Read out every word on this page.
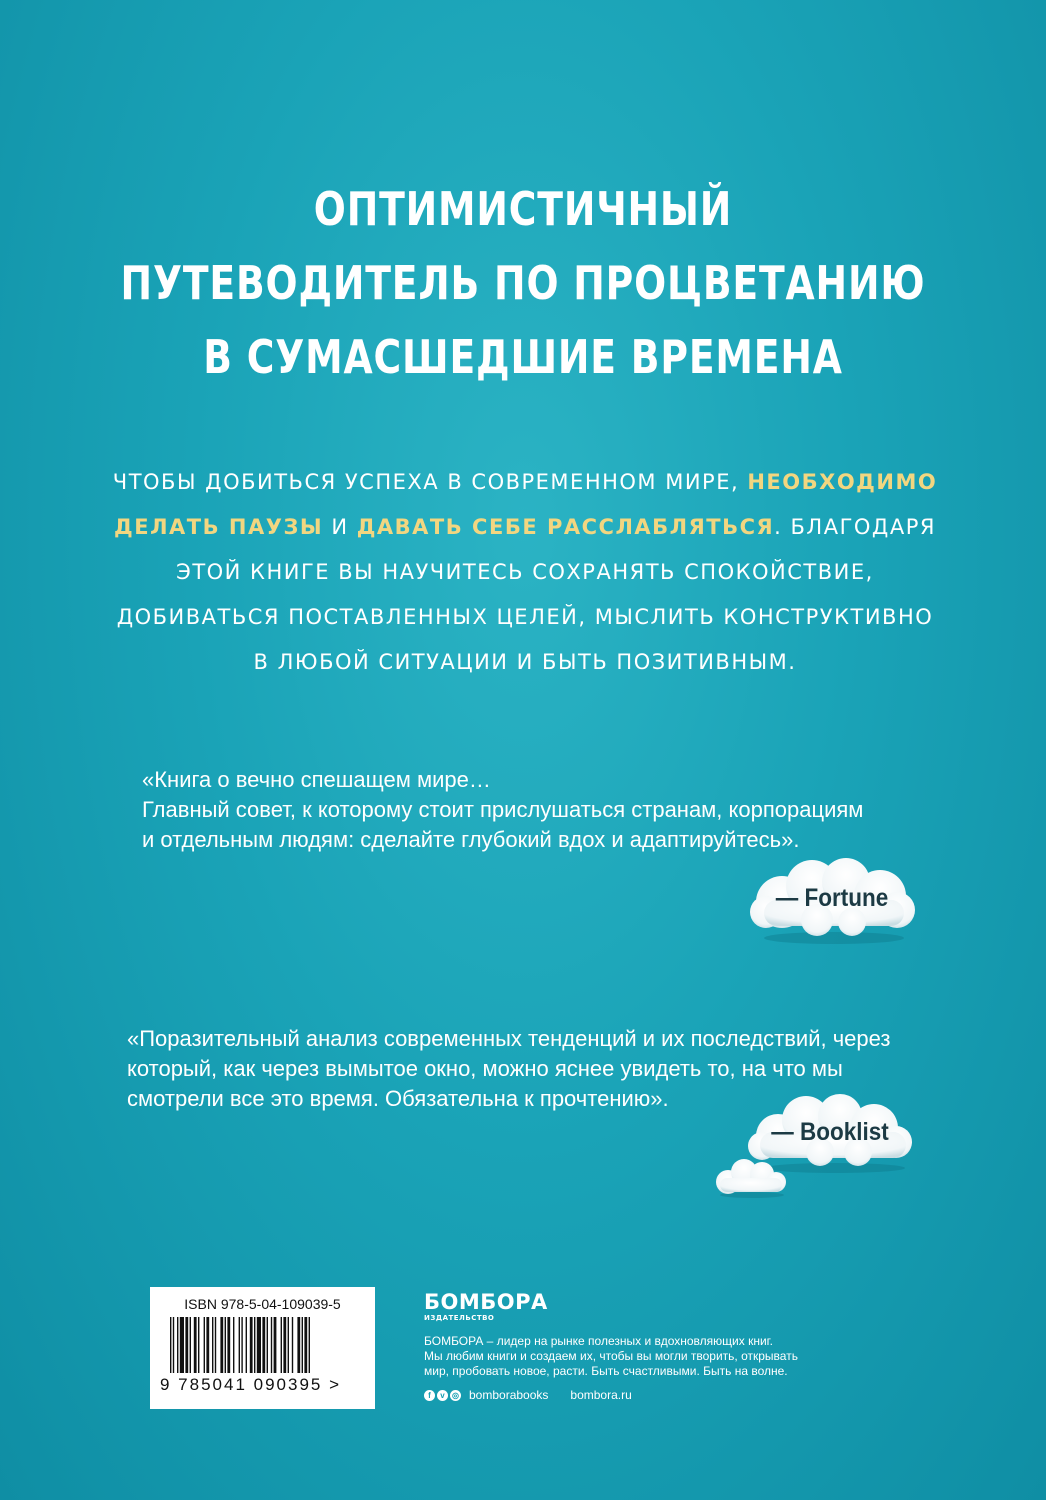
ОПТИМИСТИЧНЫЙ
ПУТЕВОДИТЕЛЬ ПО ПРОЦВЕТАНИЮ
В СУМАСШЕДШИЕ ВРЕМЕНА
ЧТОБЫ ДОБИТЬСЯ УСПЕХА В СОВРЕМЕННОМ МИРЕ, НЕОБХОДИМО ДЕЛАТЬ ПАУЗЫ И ДАВАТЬ СЕБЕ РАССЛАБЛЯТЬСЯ. БЛАГОДАРЯ ЭТОЙ КНИГЕ ВЫ НАУЧИТЕСЬ СОХРАНЯТЬ СПОКОЙСТВИЕ, ДОБИВАТЬСЯ ПОСТАВЛЕННЫХ ЦЕЛЕЙ, МЫСЛИТЬ КОНСТРУКТИВНО В ЛЮБОЙ СИТУАЦИИ И БЫТЬ ПОЗИТИВНЫМ.
«Книга о вечно спешащем мире…
Главный совет, к которому стоит прислушаться странам, корпорациям
и отдельным людям: сделайте глубокий вдох и адаптируйтесь».
— Fortune
«Поразительный анализ современных тенденций и их последствий, через
который, как через вымытое окно, можно яснее увидеть то, на что мы
смотрели все это время. Обязательна к прочтению».
— Booklist
ISBN 978-5-04-109039-5
9 785041 090395 >
БОМБОРА
ИЗДАТЕЛЬСТВО
БОМБОРА – лидер на рынке полезных и вдохновляющих книг.
Мы любим книги и создаем их, чтобы вы могли творить, открывать
мир, пробовать новое, расти. Быть счастливыми. Быть на волне.
f	v ◎ bomborabooks bombora.ru
